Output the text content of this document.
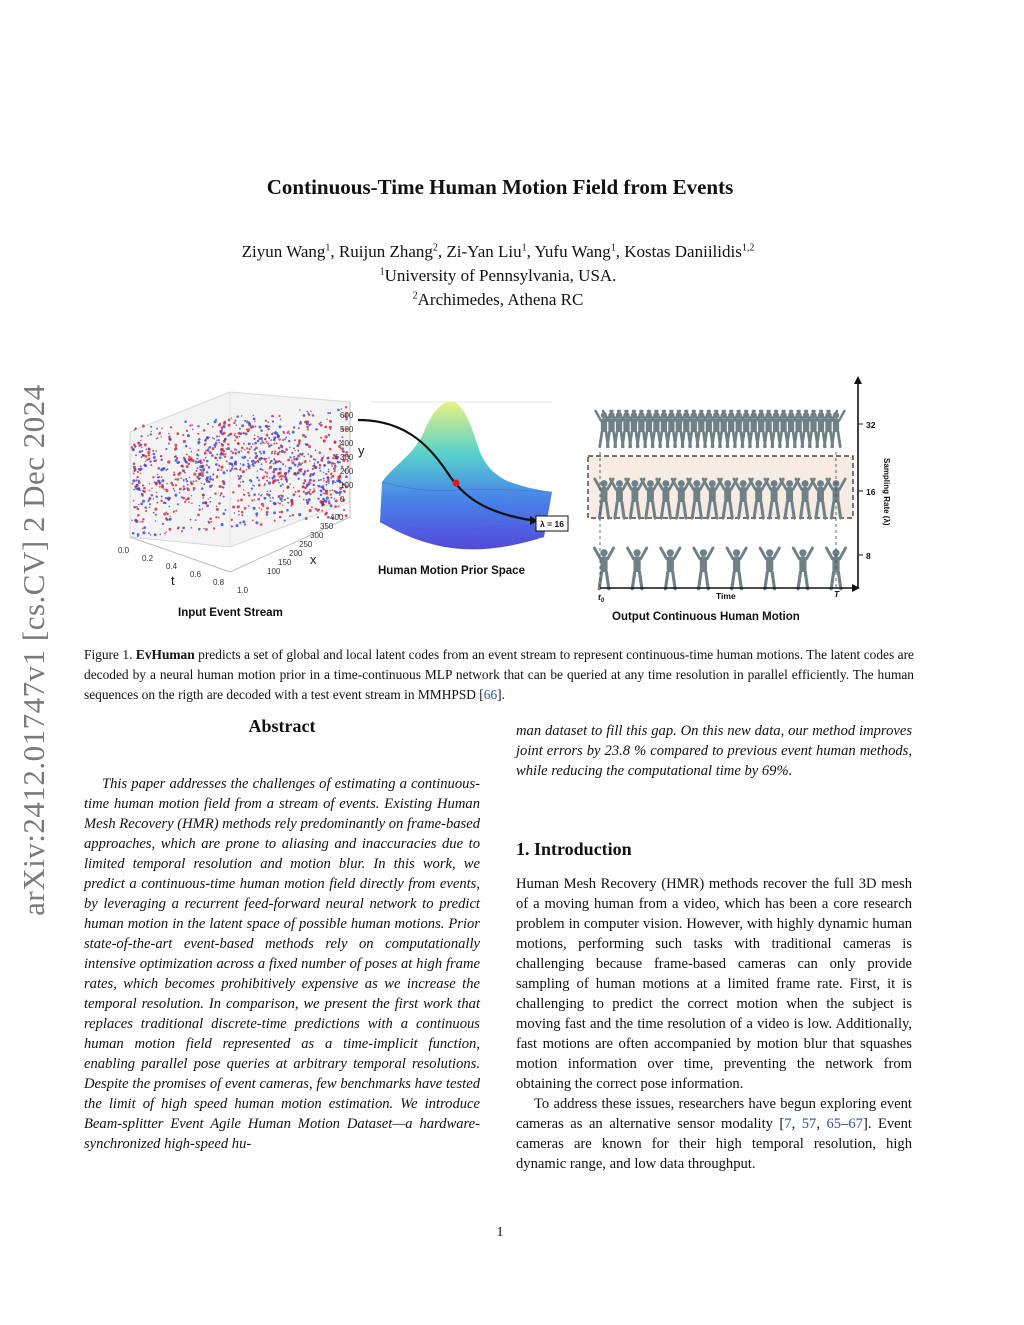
Continuous-Time Human Motion Field from Events
Ziyun Wang$^1$, Ruijun Zhang$^2$, Zi-Yan Liu$^1$, Yufu Wang$^1$, Kostas Daniilidis$^{1,2}$
$^1$University of Pennsylvania, USA.
$^2$Archimedes, Athena RC
arXiv:2412.01747v1 [cs.CV] 2 Dec 2024	0.0
0.2
0.4
0.6
0.8
1.0
t
400
350
300
250
200
150
100
x
600
500
400
300
200
100
0
y
Input Event Stream
λ = 16
Human Motion Prior Space
$t_0$	Time	T
32
16
8
Sampling Rate (λ)
Output Continuous Human Motion
Figure 1. EvHuman predicts a set of global and local latent codes from an event stream to represent continuous-time human motions. The latent codes are decoded by a neural human motion prior in a time-continuous MLP network that can be queried at any time resolution in parallel efficiently. The human sequences on the rigth are decoded with a test event stream in MMHPSD [66].
Abstract
This paper addresses the challenges of estimating a continuous-time human motion field from a stream of events. Existing Human Mesh Recovery (HMR) methods rely predominantly on frame-based approaches, which are prone to aliasing and inaccuracies due to limited temporal resolution and motion blur. In this work, we predict a continuous-time human motion field directly from events, by leveraging a recurrent feed-forward neural network to predict human motion in the latent space of possible human motions. Prior state-of-the-art event-based methods rely on computationally intensive optimization across a fixed number of poses at high frame rates, which becomes prohibitively expensive as we increase the temporal resolution. In comparison, we present the first work that replaces traditional discrete-time predictions with a continuous human motion field represented as a time-implicit function, enabling parallel pose queries at arbitrary temporal resolutions. Despite the promises of event cameras, few benchmarks have tested the limit of high speed human motion estimation. We introduce Beam-splitter Event Agile Human Motion Dataset—a hardware-synchronized high-speed hu-
man dataset to fill this gap. On this new data, our method improves joint errors by 23.8 % compared to previous event human methods, while reducing the computational time by 69%.
1. Introduction

Human Mesh Recovery (HMR) methods recover the full 3D mesh of a moving human from a video, which has been a core research problem in computer vision. However, with highly dynamic human motions, performing such tasks with traditional cameras is challenging because frame-based cameras can only provide sampling of human motions at a limited frame rate. First, it is challenging to predict the correct motion when the subject is moving fast and the time resolution of a video is low. Additionally, fast motions are often accompanied by motion blur that squashes motion information over time, preventing the network from obtaining the correct pose information.

To address these issues, researchers have begun exploring event cameras as an alternative sensor modality [7, 57, 65–67]. Event cameras are known for their high temporal resolution, high dynamic range, and low data throughput.

1
